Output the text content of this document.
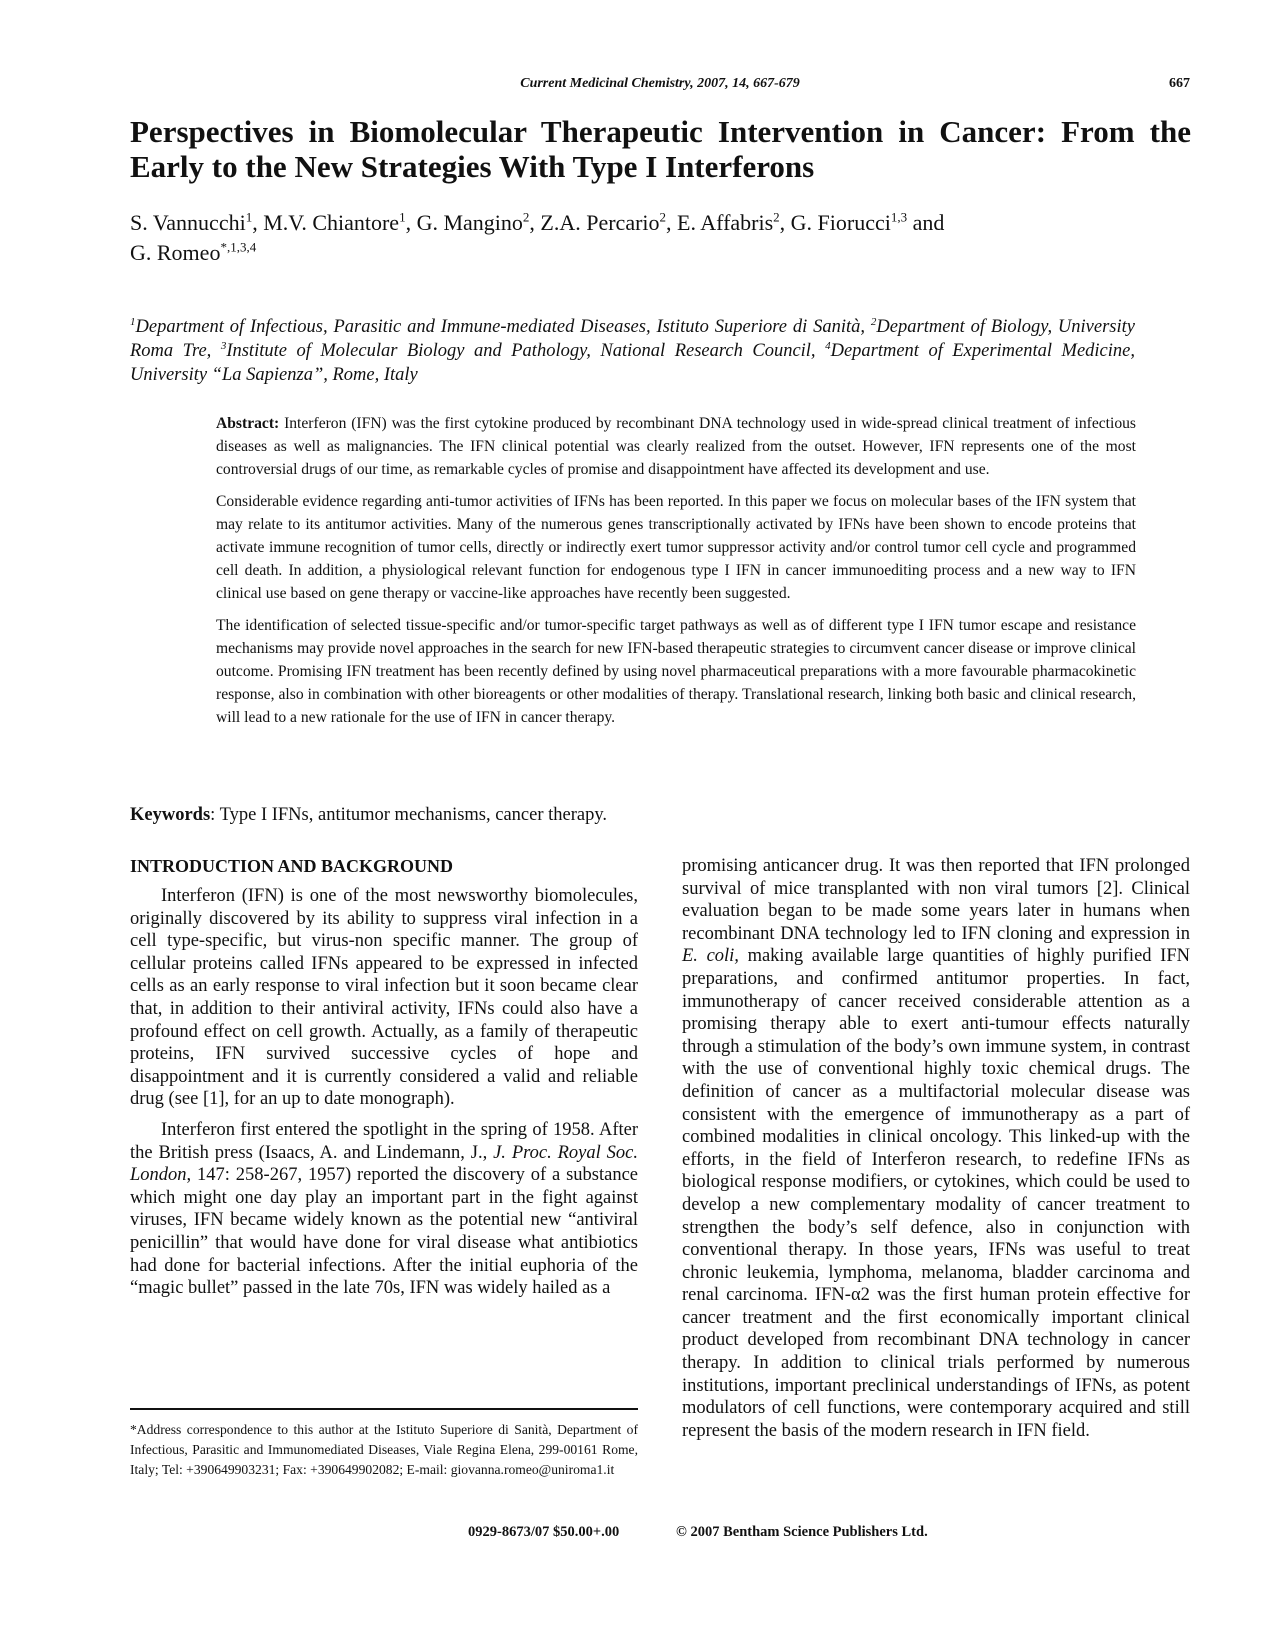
Current Medicinal Chemistry, 2007, 14, 667-679	667
Perspectives in Biomolecular Therapeutic Intervention in Cancer: From the Early to the New Strategies With Type I Interferons
S. Vannucchi$^1$, M.V. Chiantore$^1$, G. Mangino$^2$, Z.A. Percario$^2$, E. Affabris$^2$, G. Fiorucci$^{1,3}$ and
G. Romeo$^{*,1,3,4}$
$^1$Department of Infectious, Parasitic and Immune-mediated Diseases, Istituto Superiore di Sanità, $^2$Department of Biology, University Roma Tre, $^3$Institute of Molecular Biology and Pathology, National Research Council, $^4$Department of Experimental Medicine, University “La Sapienza”, Rome, Italy

Abstract: Interferon (IFN) was the first cytokine produced by recombinant DNA technology used in wide-spread clinical treatment of infectious diseases as well as malignancies. The IFN clinical potential was clearly realized from the outset. However, IFN represents one of the most controversial drugs of our time, as remarkable cycles of promise and disappointment have affected its development and use.

Considerable evidence regarding anti-tumor activities of IFNs has been reported. In this paper we focus on molecular bases of the IFN system that may relate to its antitumor activities. Many of the numerous genes transcriptionally activated by IFNs have been shown to encode proteins that activate immune recognition of tumor cells, directly or indirectly exert tumor suppressor activity and/or control tumor cell cycle and programmed cell death. In addition, a physiological relevant function for endogenous type I IFN in cancer immunoediting process and a new way to IFN clinical use based on gene therapy or vaccine-like approaches have recently been suggested.

The identification of selected tissue-specific and/or tumor-specific target pathways as well as of different type I IFN tumor escape and resistance mechanisms may provide novel approaches in the search for new IFN-based therapeutic strategies to circumvent cancer disease or improve clinical outcome. Promising IFN treatment has been recently defined by using novel pharmaceutical preparations with a more favourable pharmacokinetic response, also in combination with other bioreagents or other modalities of therapy. Translational research, linking both basic and clinical research, will lead to a new rationale for the use of IFN in cancer therapy.

Keywords: Type I IFNs, antitumor mechanisms, cancer therapy.
INTRODUCTION AND BACKGROUND

Interferon (IFN) is one of the most newsworthy biomolecules, originally discovered by its ability to suppress viral infection in a cell type-specific, but virus-non specific manner. The group of cellular proteins called IFNs appeared to be expressed in infected cells as an early response to viral infection but it soon became clear that, in addition to their antiviral activity, IFNs could also have a profound effect on cell growth. Actually, as a family of therapeutic proteins, IFN survived successive cycles of hope and disappointment and it is currently considered a valid and reliable drug (see [1], for an up to date monograph).

Interferon first entered the spotlight in the spring of 1958. After the British press (Isaacs, A. and Lindemann, J., J. Proc. Royal Soc. London, 147: 258-267, 1957) reported the discovery of a substance which might one day play an important part in the fight against viruses, IFN became widely known as the potential new “antiviral penicillin” that would have done for viral disease what antibiotics had done for bacterial infections. After the initial euphoria of the “magic bullet” passed in the late 70s, IFN was widely hailed as a

promising anticancer drug. It was then reported that IFN prolonged survival of mice transplanted with non viral tumors [2]. Clinical evaluation began to be made some years later in humans when recombinant DNA technology led to IFN cloning and expression in E. coli, making available large quantities of highly purified IFN preparations, and confirmed antitumor properties. In fact, immunotherapy of cancer received considerable attention as a promising therapy able to exert anti-tumour effects naturally through a stimulation of the body’s own immune system, in contrast with the use of conventional highly toxic chemical drugs. The definition of cancer as a multifactorial molecular disease was consistent with the emergence of immunotherapy as a part of combined modalities in clinical oncology. This linked-up with the efforts, in the field of Interferon research, to redefine IFNs as biological response modifiers, or cytokines, which could be used to develop a new complementary modality of cancer treatment to strengthen the body’s self defence, also in conjunction with conventional therapy. In those years, IFNs was useful to treat chronic leukemia, lymphoma, melanoma, bladder carcinoma and renal carcinoma. IFN-α2 was the first human protein effective for cancer treatment and the first economically important clinical product developed from recombinant DNA technology in cancer therapy. In addition to clinical trials performed by numerous institutions, important preclinical understandings of IFNs, as potent modulators of cell functions, were contemporary acquired and still represent the basis of the modern research in IFN field.

*Address correspondence to this author at the Istituto Superiore di Sanità, Department of Infectious, Parasitic and Immunomediated Diseases, Viale Regina Elena, 299-00161 Rome, Italy; Tel: +390649903231; Fax: +390649902082; E-mail: giovanna.romeo@uniroma1.it
0929-8673/07 $50.00+.00	© 2007 Bentham Science Publishers Ltd.
